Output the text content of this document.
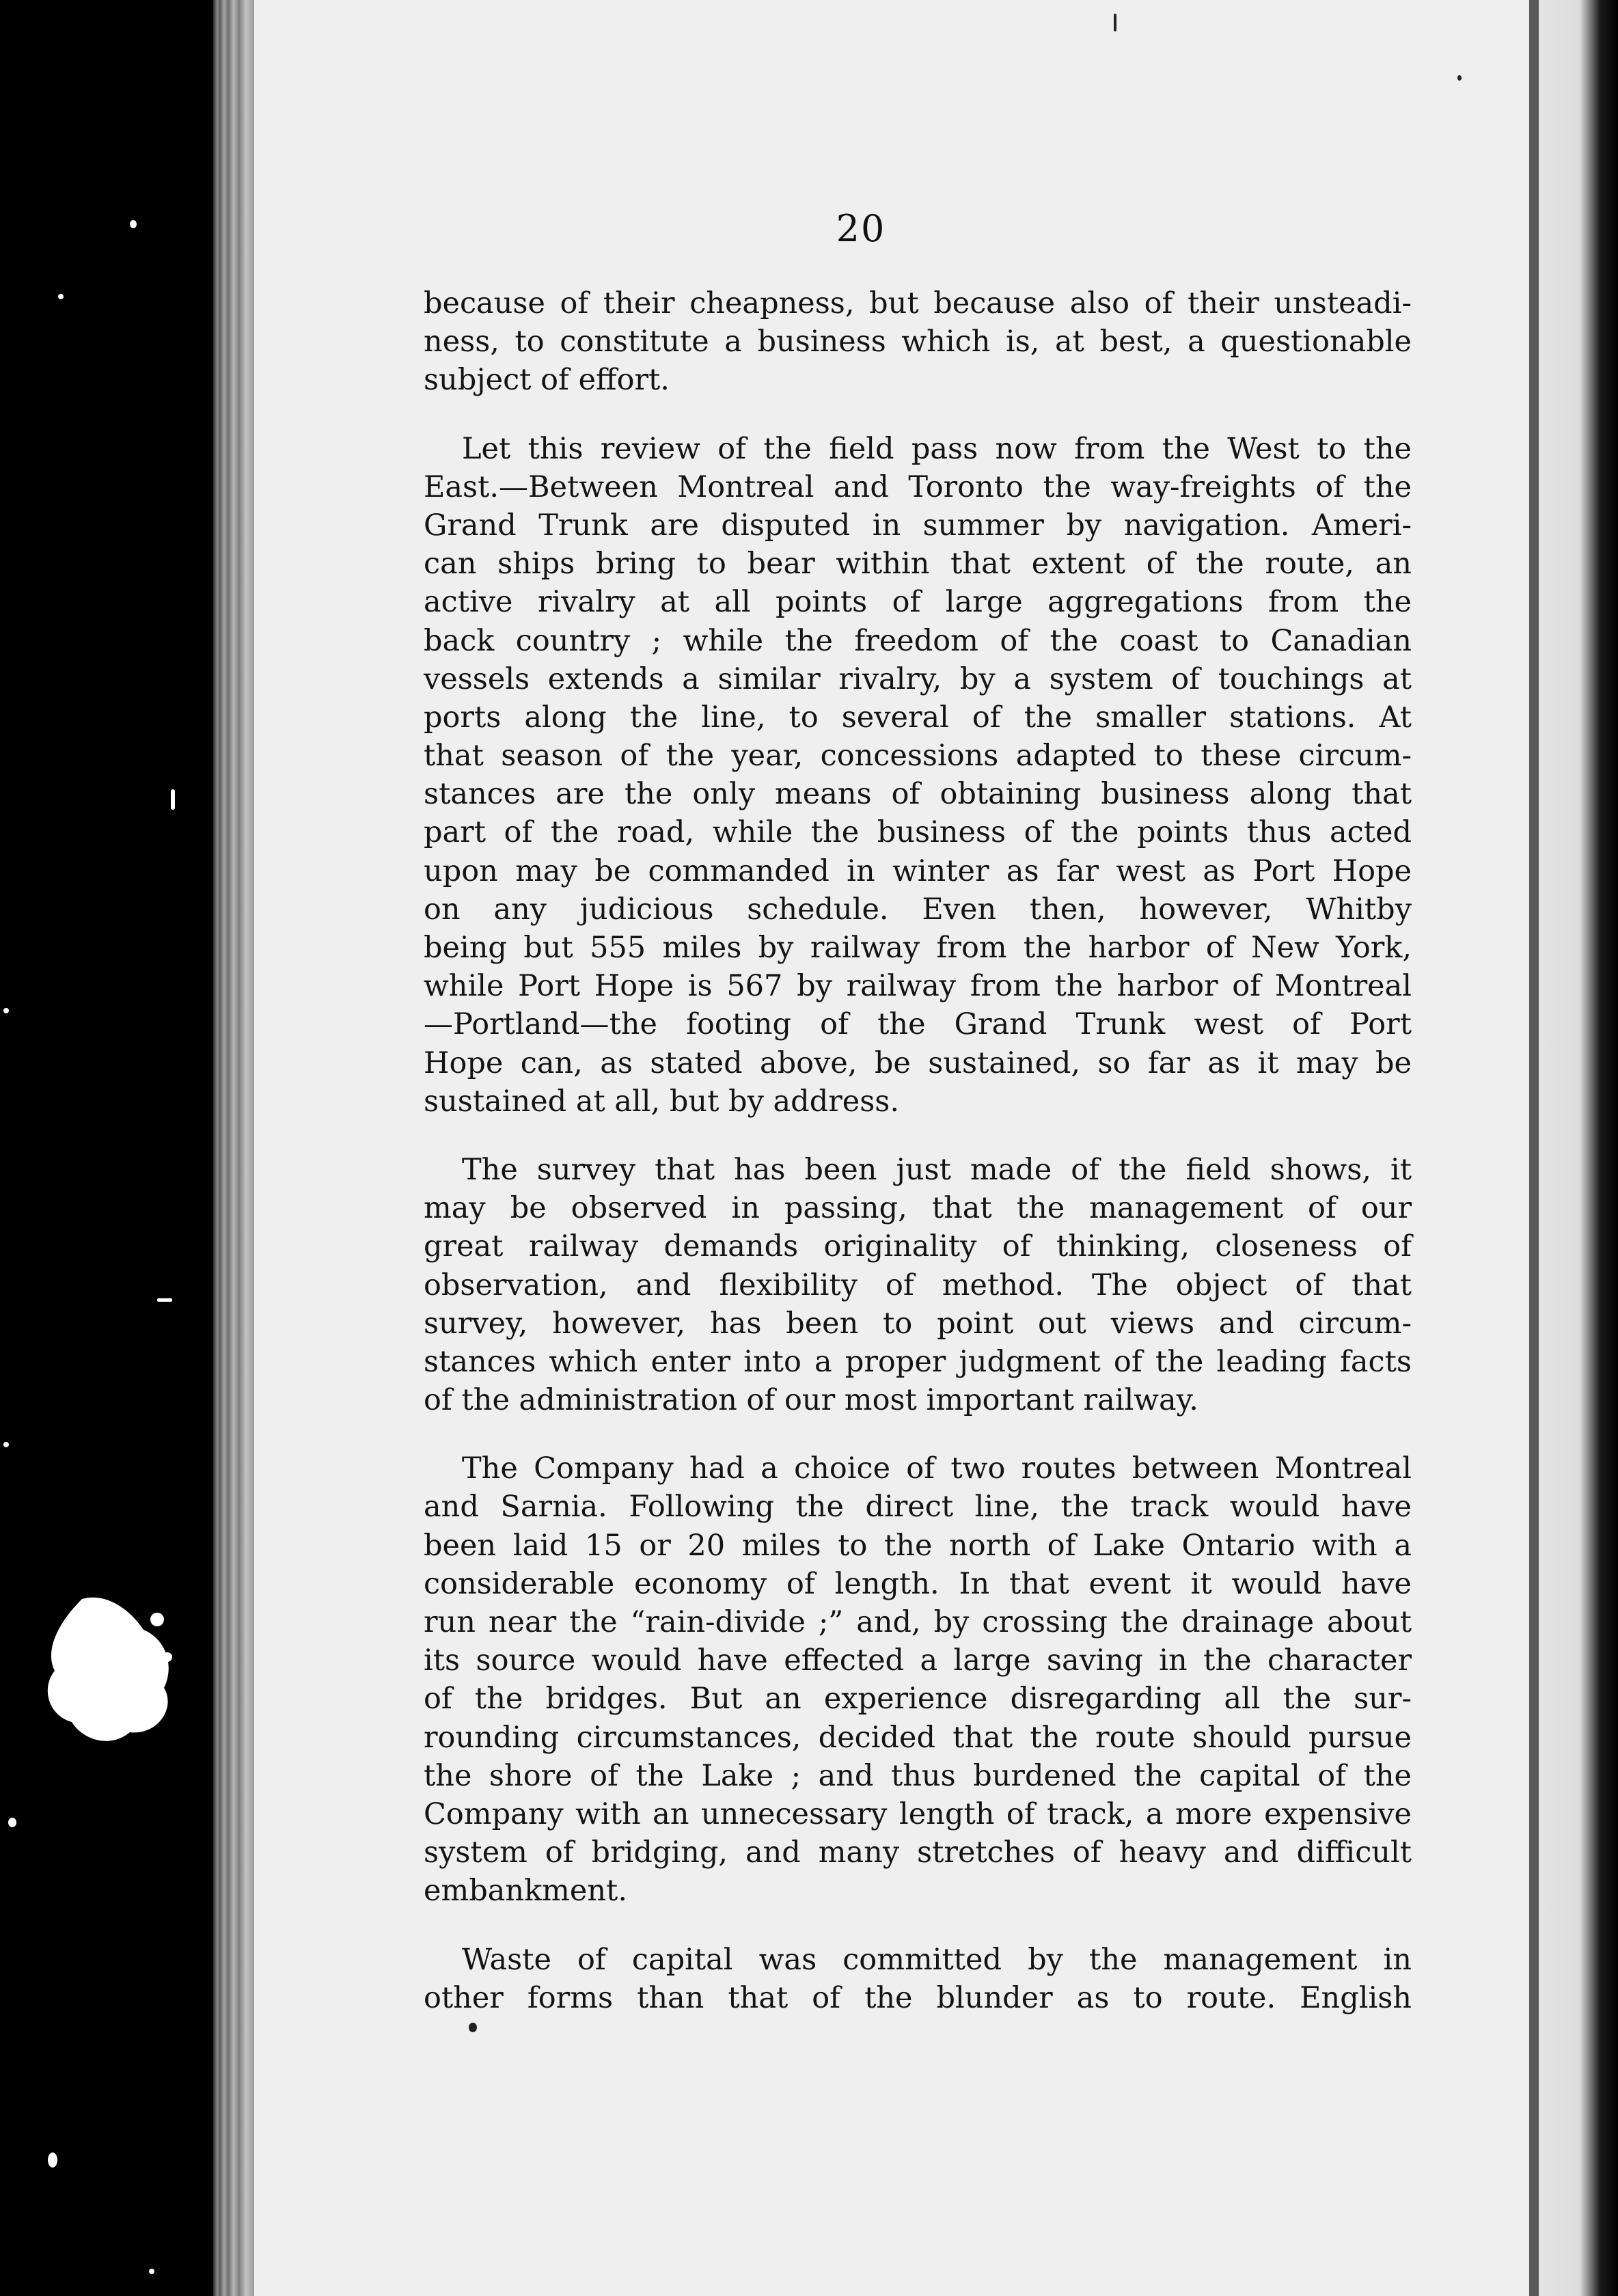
20
because of their cheapness, but because also of their unsteadi-
ness, to constitute a business which is, at best, a questionable
subject of effort.
Let this review of the field pass now from the West to the
East.—Between Montreal and Toronto the way-freights of the
Grand Trunk are disputed in summer by navigation. Ameri-
can ships bring to bear within that extent of the route, an
active rivalry at all points of large aggregations from the
back country ; while the freedom of the coast to Canadian
vessels extends a similar rivalry, by a system of touchings at
ports along the line, to several of the smaller stations. At
that season of the year, concessions adapted to these circum-
stances are the only means of obtaining business along that
part of the road, while the business of the points thus acted
upon may be commanded in winter as far west as Port Hope
on any judicious schedule. Even then, however, Whitby
being but 555 miles by railway from the harbor of New York,
while Port Hope is 567 by railway from the harbor of Montreal
—Portland—the footing of the Grand Trunk west of Port
Hope can, as stated above, be sustained, so far as it may be
sustained at all, but by address.
The survey that has been just made of the field shows, it
may be observed in passing, that the management of our
great railway demands originality of thinking, closeness of
observation, and flexibility of method. The object of that
survey, however, has been to point out views and circum-
stances which enter into a proper judgment of the leading facts
of the administration of our most important railway.
The Company had a choice of two routes between Montreal
and Sarnia. Following the direct line, the track would have
been laid 15 or 20 miles to the north of Lake Ontario with a
considerable economy of length. In that event it would have
run near the “rain-divide ;” and, by crossing the drainage about
its source would have effected a large saving in the character
of the bridges. But an experience disregarding all the sur-
rounding circumstances, decided that the route should pursue
the shore of the Lake ; and thus burdened the capital of the
Company with an unnecessary length of track, a more expensive
system of bridging, and many stretches of heavy and difficult
embankment.
Waste of capital was committed by the management in
other forms than that of the blunder as to route. English
